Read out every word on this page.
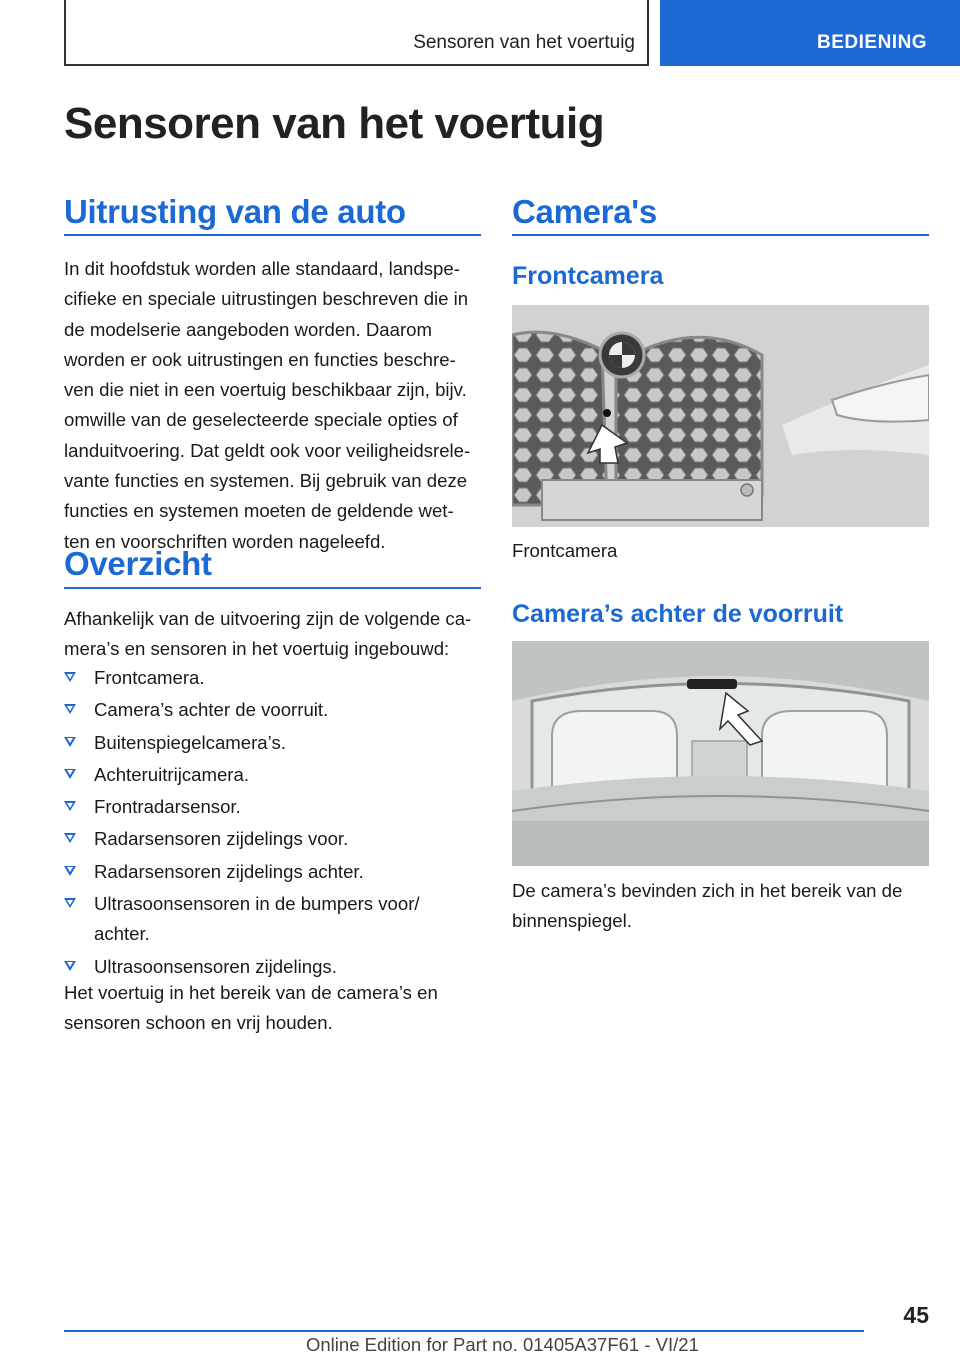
Sensoren van het voertuig	BEDIENING
Sensoren van het voertuig
Uitrusting van de auto
In dit hoofdstuk worden alle standaard, landspe‐
cifieke en speciale uitrustingen beschreven die in
de modelserie aangeboden worden. Daarom
worden er ook uitrustingen en functies beschre‐
ven die niet in een voertuig beschikbaar zijn, bijv.
omwille van de geselecteerde speciale opties of
landuitvoering. Dat geldt ook voor veiligheidsrele‐
vante functies en systemen. Bij gebruik van deze
functies en systemen moeten de geldende wet‐
ten en voorschriften worden nageleefd.
Overzicht
Afhankelijk van de uitvoering zijn de volgende ca‐
mera’s en sensoren in het voertuig ingebouwd:
Frontcamera.
Camera’s achter de voorruit.
Buitenspiegelcamera’s.
Achteruitrijcamera.
Frontradarsensor.
Radarsensoren zijdelings voor.
Radarsensoren zijdelings achter.
Ultrasoonsensoren in de bumpers voor/ achter.
Ultrasoonsensoren zijdelings.
Het voertuig in het bereik van de camera’s en
sensoren schoon en vrij houden.
Camera's
Frontcamera
Frontcamera
Camera’s achter de voorruit
De camera’s bevinden zich in het bereik van de
binnenspiegel.
45
Online Edition for Part no. 01405A37F61 - VI/21
